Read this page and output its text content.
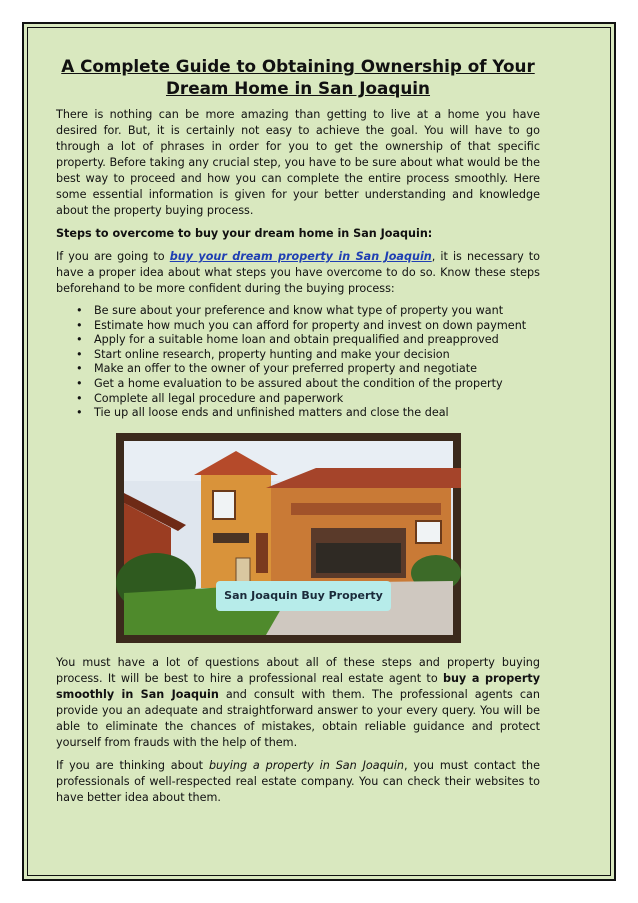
A Complete Guide to Obtaining Ownership of Your Dream Home in San Joaquin

There is nothing can be more amazing than getting to live at a home you have desired for. But, it is certainly not easy to achieve the goal. You will have to go through a lot of phrases in order for you to get the ownership of that specific property. Before taking any crucial step, you have to be sure about what would be the best way to proceed and how you can complete the entire process smoothly. Here some essential information is given for your better understanding and knowledge about the property buying process.

Steps to overcome to buy your dream home in San Joaquin:

If you are going to buy your dream property in San Joaquin, it is necessary to have a proper idea about what steps you have overcome to do so. Know these steps beforehand to be more confident during the buying process:

• Be sure about your preference and know what type of property you want
• Estimate how much you can afford for property and invest on down payment
• Apply for a suitable home loan and obtain prequalified and preapproved
• Start online research, property hunting and make your decision
• Make an offer to the owner of your preferred property and negotiate
• Get a home evaluation to be assured about the condition of the property
• Complete all legal procedure and paperwork
• Tie up all loose ends and unfinished matters and close the deal
San Joaquin Buy Property

You must have a lot of questions about all of these steps and property buying process. It will be best to hire a professional real estate agent to buy a property smoothly in San Joaquin and consult with them. The professional agents can provide you an adequate and straightforward answer to your every query. You will be able to eliminate the chances of mistakes, obtain reliable guidance and protect yourself from frauds with the help of them.

If you are thinking about buying a property in San Joaquin, you must contact the professionals of well-respected real estate company. You can check their websites to have better idea about them.
